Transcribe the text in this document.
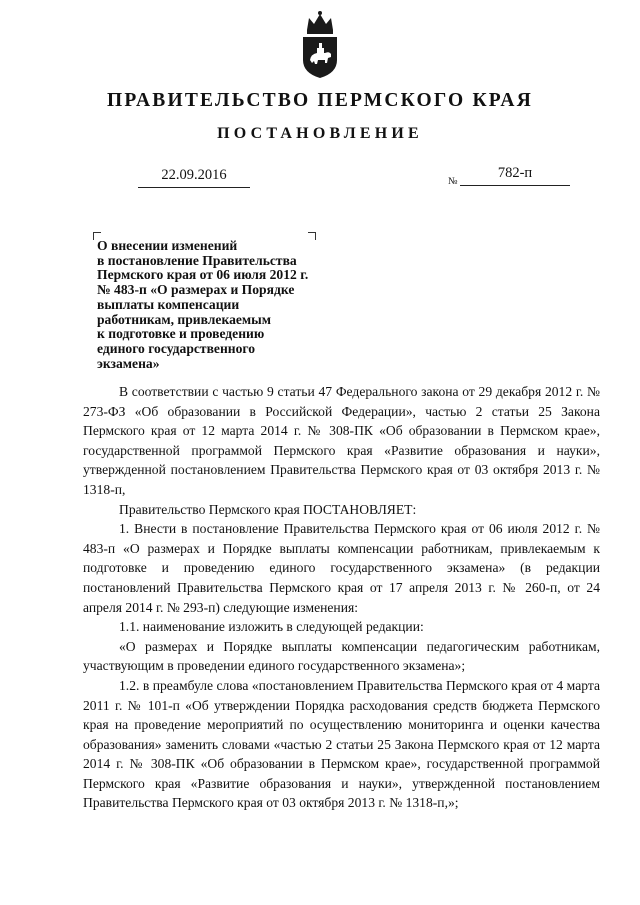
ПРАВИТЕЛЬСТВО ПЕРМСКОГО КРАЯ
ПОСТАНОВЛЕНИЕ
22.09.2016	№
782-п
О внесении изменений
в постановление Правительства
Пермского края от 06 июля 2012 г.
№ 483-п «О размерах и Порядке
выплаты компенсации
работникам, привлекаемым
к подготовке и проведению
единого государственного
экзамена»

В соответствии с частью 9 статьи 47 Федерального закона от 29 декабря 2012 г. № 273-ФЗ «Об образовании в Российской Федерации», частью 2 статьи 25 Закона Пермского края от 12 марта 2014 г. № 308-ПК «Об образовании в Пермском крае», государственной программой Пермского края «Развитие образования и науки», утвержденной постановлением Правительства Пермского края от 03 октября 2013 г. № 1318-п,

Правительство Пермского края ПОСТАНОВЛЯЕТ:

1. Внести в постановление Правительства Пермского края от 06 июля 2012 г. № 483-п «О размерах и Порядке выплаты компенсации работникам, привлекаемым к подготовке и проведению единого государственного экзамена» (в редакции постановлений Правительства Пермского края от 17 апреля 2013 г. № 260-п, от 24 апреля 2014 г. № 293-п) следующие изменения:

1.1. наименование изложить в следующей редакции:

«О размерах и Порядке выплаты компенсации педагогическим работникам, участвующим в проведении единого государственного экзамена»;

1.2. в преамбуле слова «постановлением Правительства Пермского края от 4 марта 2011 г. № 101-п «Об утверждении Порядка расходования средств бюджета Пермского края на проведение мероприятий по осуществлению мониторинга и оценки качества образования» заменить словами «частью 2 статьи 25 Закона Пермского края от 12 марта 2014 г. № 308-ПК «Об образовании в Пермском крае», государственной программой Пермского края «Развитие образования и науки», утвержденной постановлением Правительства Пермского края от 03 октября 2013 г. № 1318-п,»;
